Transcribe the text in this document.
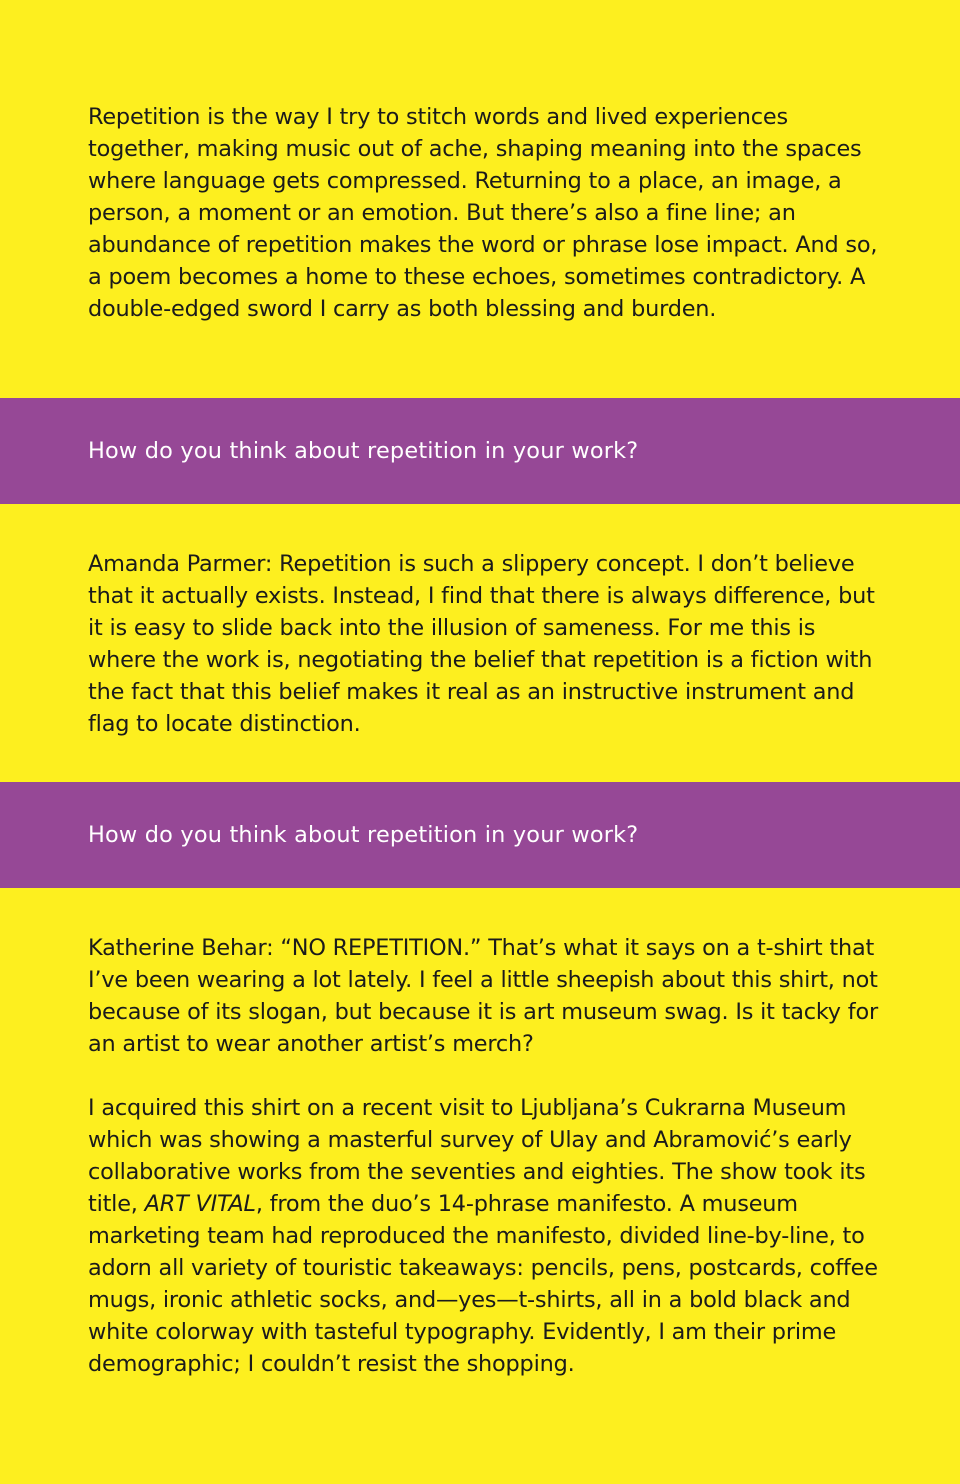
Repetition is the way I try to stitch words and lived experiences together, making music out of ache, shaping meaning into the spaces where language gets compressed. Returning to a place, an image, a person, a moment or an emotion. But there’s also a fine line; an abundance of repetition makes the word or phrase lose impact. And so, a poem becomes a home to these echoes, sometimes contradictory. A double-edged sword I carry as both blessing and burden.

How do you think about repetition in your work?

Amanda Parmer: Repetition is such a slippery concept. I don’t believe that it actually exists. Instead, I find that there is always difference, but it is easy to slide back into the illusion of sameness. For me this is where the work is, negotiating the belief that repetition is a fiction with the fact that this belief makes it real as an instructive instrument and flag to locate distinction.

How do you think about repetition in your work?

Katherine Behar: “NO REPETITION.” That’s what it says on a t-shirt that I’ve been wearing a lot lately. I feel a little sheepish about this shirt, not because of its slogan, but because it is art museum swag. Is it tacky for an artist to wear another artist’s merch?

I acquired this shirt on a recent visit to Ljubljana’s Cukrarna Museum which was showing a masterful survey of Ulay and Abramović’s early collaborative works from the seventies and eighties. The show took its title, ART VITAL, from the duo’s 14-phrase manifesto. A museum marketing team had reproduced the manifesto, divided line-by-line, to adorn all variety of touristic takeaways: pencils, pens, postcards, coffee mugs, ironic athletic socks, and—yes—t-shirts, all in a bold black and white colorway with tasteful typography. Evidently, I am their prime demographic; I couldn’t resist the shopping.
